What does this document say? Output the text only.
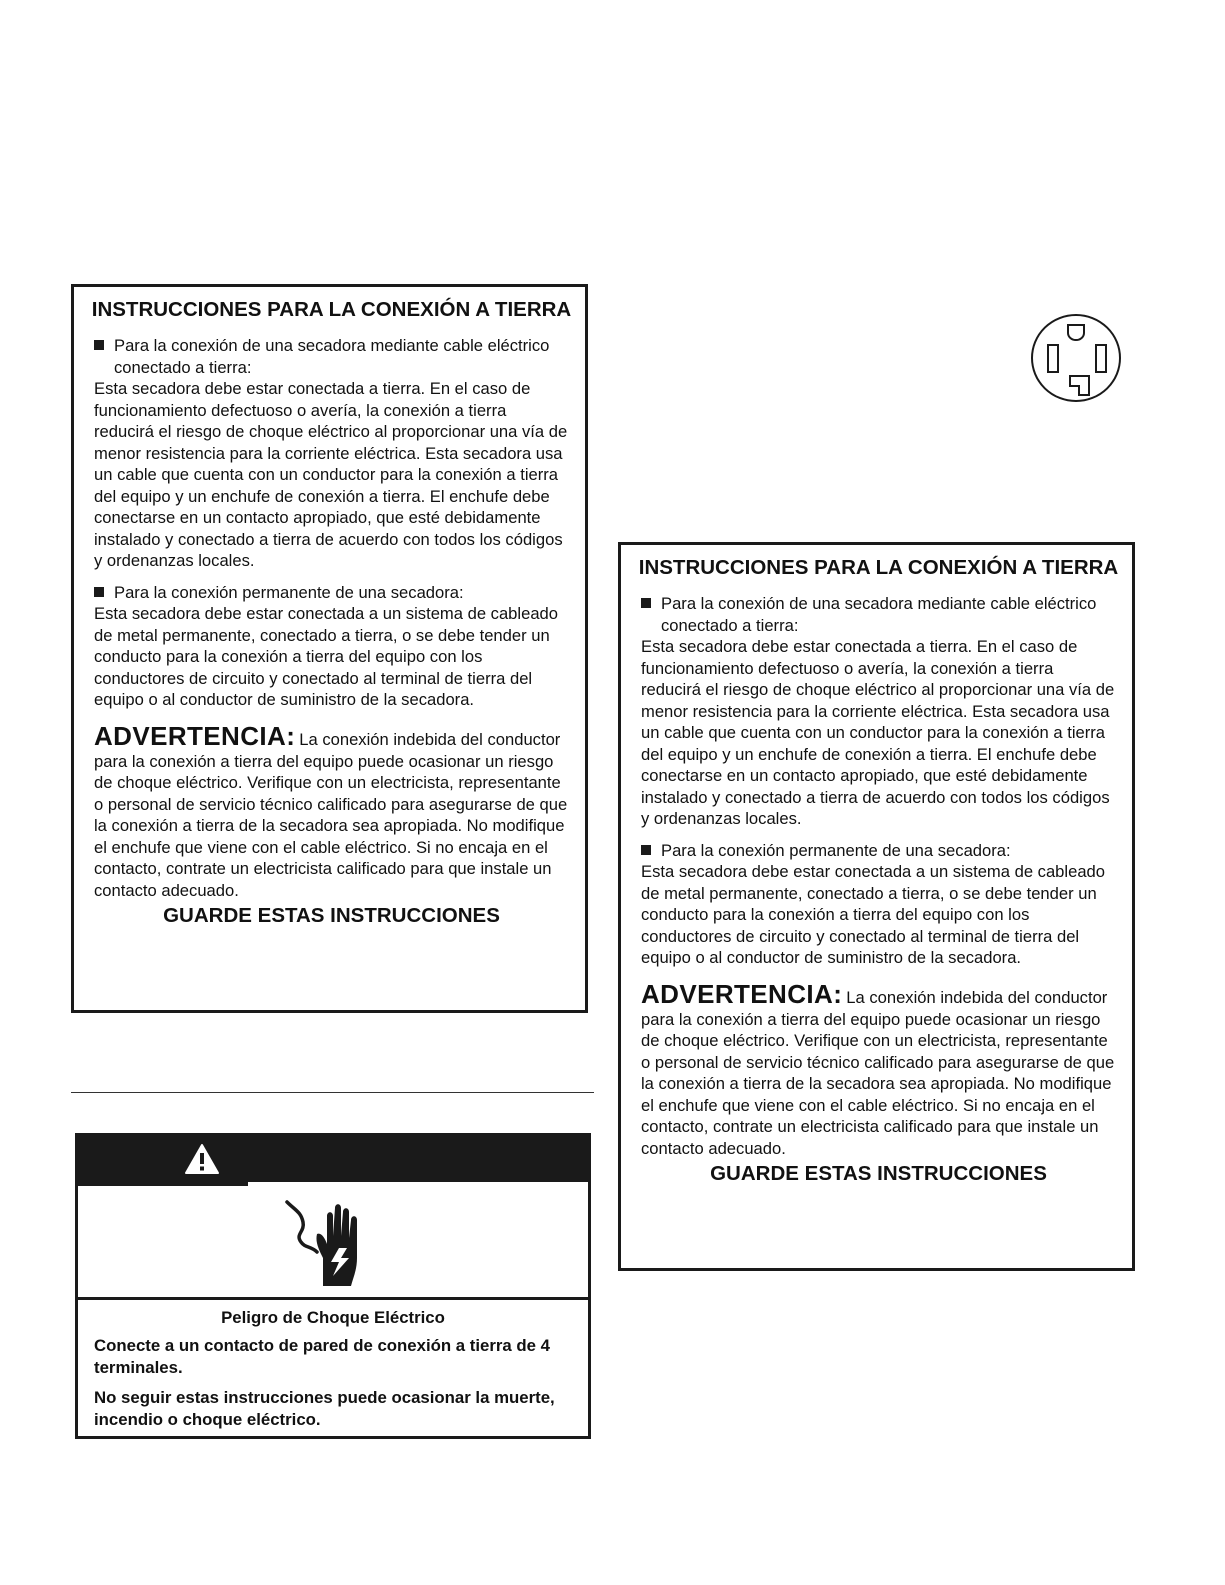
INSTRUCCIONES PARA LA CONEXIÓN A TIERRA

Para la conexión de una secadora mediante cable eléctrico conectado a tierra:

Esta secadora debe estar conectada a tierra. En el caso de funcionamiento defectuoso o avería, la conexión a tierra reducirá el riesgo de choque eléctrico al proporcionar una vía de menor resistencia para la corriente eléctrica. Esta secadora usa un cable que cuenta con un conductor para la conexión a tierra del equipo y un enchufe de conexión a tierra. El enchufe debe conectarse en un contacto apropiado, que esté debidamente instalado y conectado a tierra de acuerdo con todos los códigos y ordenanzas locales.

Para la conexión permanente de una secadora:

Esta secadora debe estar conectada a un sistema de cableado de metal permanente, conectado a tierra, o se debe tender un conducto para la conexión a tierra del equipo con los conductores de circuito y conectado al terminal de tierra del equipo o al conductor de suministro de la secadora.

ADVERTENCIA: La conexión indebida del conductor para la conexión a tierra del equipo puede ocasionar un riesgo de choque eléctrico. Verifique con un electricista, representante o personal de servicio técnico calificado para asegurarse de que la conexión a tierra de la secadora sea apropiada. No modifique el enchufe que viene con el cable eléctrico. Si no encaja en el contacto, contrate un electricista calificado para que instale un contacto adecuado.

GUARDE ESTAS INSTRUCCIONES
INSTRUCCIONES PARA LA CONEXIÓN A TIERRA

Para la conexión de una secadora mediante cable eléctrico conectado a tierra:

Esta secadora debe estar conectada a tierra. En el caso de funcionamiento defectuoso o avería, la conexión a tierra reducirá el riesgo de choque eléctrico al proporcionar una vía de menor resistencia para la corriente eléctrica. Esta secadora usa un cable que cuenta con un conductor para la conexión a tierra del equipo y un enchufe de conexión a tierra. El enchufe debe conectarse en un contacto apropiado, que esté debidamente instalado y conectado a tierra de acuerdo con todos los códigos y ordenanzas locales.

Para la conexión permanente de una secadora:

Esta secadora debe estar conectada a un sistema de cableado de metal permanente, conectado a tierra, o se debe tender un conducto para la conexión a tierra del equipo con los conductores de circuito y conectado al terminal de tierra del equipo o al conductor de suministro de la secadora.

ADVERTENCIA: La conexión indebida del conductor para la conexión a tierra del equipo puede ocasionar un riesgo de choque eléctrico. Verifique con un electricista, representante o personal de servicio técnico calificado para asegurarse de que la conexión a tierra de la secadora sea apropiada. No modifique el enchufe que viene con el cable eléctrico. Si no encaja en el contacto, contrate un electricista calificado para que instale un contacto adecuado.

GUARDE ESTAS INSTRUCCIONES
Peligro de Choque Eléctrico
Conecte a un contacto de pared de conexión a tierra de 4 terminales.
No seguir estas instrucciones puede ocasionar la muerte, incendio o choque eléctrico.
